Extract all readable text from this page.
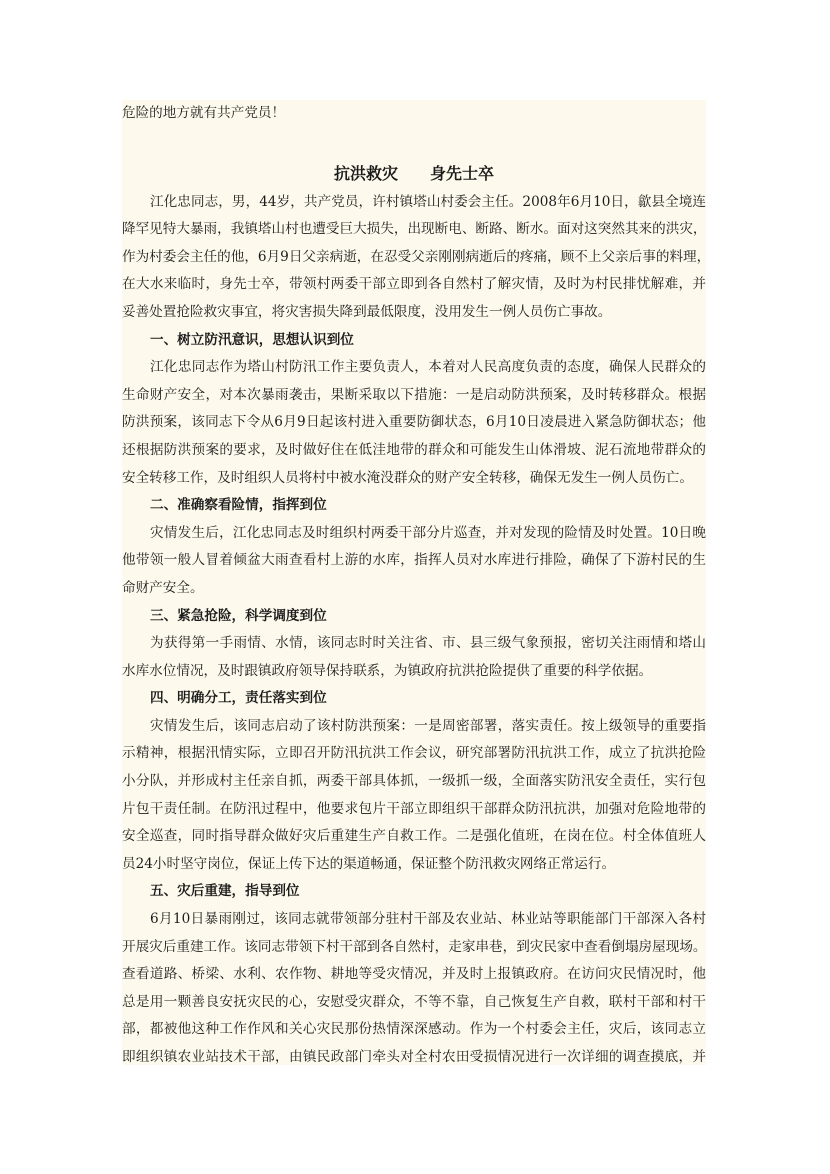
危险的地方就有共产党员！
抗洪救灾　　身先士卒
江化忠同志，男，44岁，共产党员，许村镇塔山村委会主任。2008年6月10日，歙县全境连
降罕见特大暴雨，我镇塔山村也遭受巨大损失，出现断电、断路、断水。面对这突然其来的洪灾，
作为村委会主任的他，6月9日父亲病逝，在忍受父亲刚刚病逝后的疼痛，顾不上父亲后事的料理，
在大水来临时，身先士卒，带领村两委干部立即到各自然村了解灾情，及时为村民排忧解难，并
妥善处置抢险救灾事宜，将灾害损失降到最低限度，没用发生一例人员伤亡事故。
一、树立防汛意识，思想认识到位
江化忠同志作为塔山村防汛工作主要负责人，本着对人民高度负责的态度，确保人民群众的
生命财产安全，对本次暴雨袭击，果断采取以下措施：一是启动防洪预案，及时转移群众。根据
防洪预案，该同志下令从6月9日起该村进入重要防御状态，6月10日凌晨进入紧急防御状态；他
还根据防洪预案的要求，及时做好住在低洼地带的群众和可能发生山体滑坡、泥石流地带群众的
安全转移工作，及时组织人员将村中被水淹没群众的财产安全转移，确保无发生一例人员伤亡。
二、准确察看险情，指挥到位
灾情发生后，江化忠同志及时组织村两委干部分片巡查，并对发现的险情及时处置。10日晚
他带领一般人冒着倾盆大雨查看村上游的水库，指挥人员对水库进行排险，确保了下游村民的生
命财产安全。
三、紧急抢险，科学调度到位
为获得第一手雨情、水情，该同志时时关注省、市、县三级气象预报，密切关注雨情和塔山
水库水位情况，及时跟镇政府领导保持联系，为镇政府抗洪抢险提供了重要的科学依据。
四、明确分工，责任落实到位
灾情发生后，该同志启动了该村防洪预案：一是周密部署，落实责任。按上级领导的重要指
示精神，根据汛情实际，立即召开防汛抗洪工作会议，研究部署防汛抗洪工作，成立了抗洪抢险
小分队，并形成村主任亲自抓，两委干部具体抓，一级抓一级，全面落实防汛安全责任，实行包
片包干责任制。在防汛过程中，他要求包片干部立即组织干部群众防汛抗洪，加强对危险地带的
安全巡查，同时指导群众做好灾后重建生产自救工作。二是强化值班，在岗在位。村全体值班人
员24小时坚守岗位，保证上传下达的渠道畅通，保证整个防汛救灾网络正常运行。
五、灾后重建，指导到位
6月10日暴雨刚过，该同志就带领部分驻村干部及农业站、林业站等职能部门干部深入各村
开展灾后重建工作。该同志带领下村干部到各自然村，走家串巷，到灾民家中查看倒塌房屋现场。
查看道路、桥梁、水利、农作物、耕地等受灾情况，并及时上报镇政府。在访问灾民情况时，他
总是用一颗善良安抚灾民的心，安慰受灾群众，不等不靠，自己恢复生产自救，联村干部和村干
部，都被他这种工作作风和关心灾民那份热情深深感动。作为一个村委会主任，灾后，该同志立
即组织镇农业站技术干部，由镇民政部门牵头对全村农田受损情况进行一次详细的调查摸底，并
